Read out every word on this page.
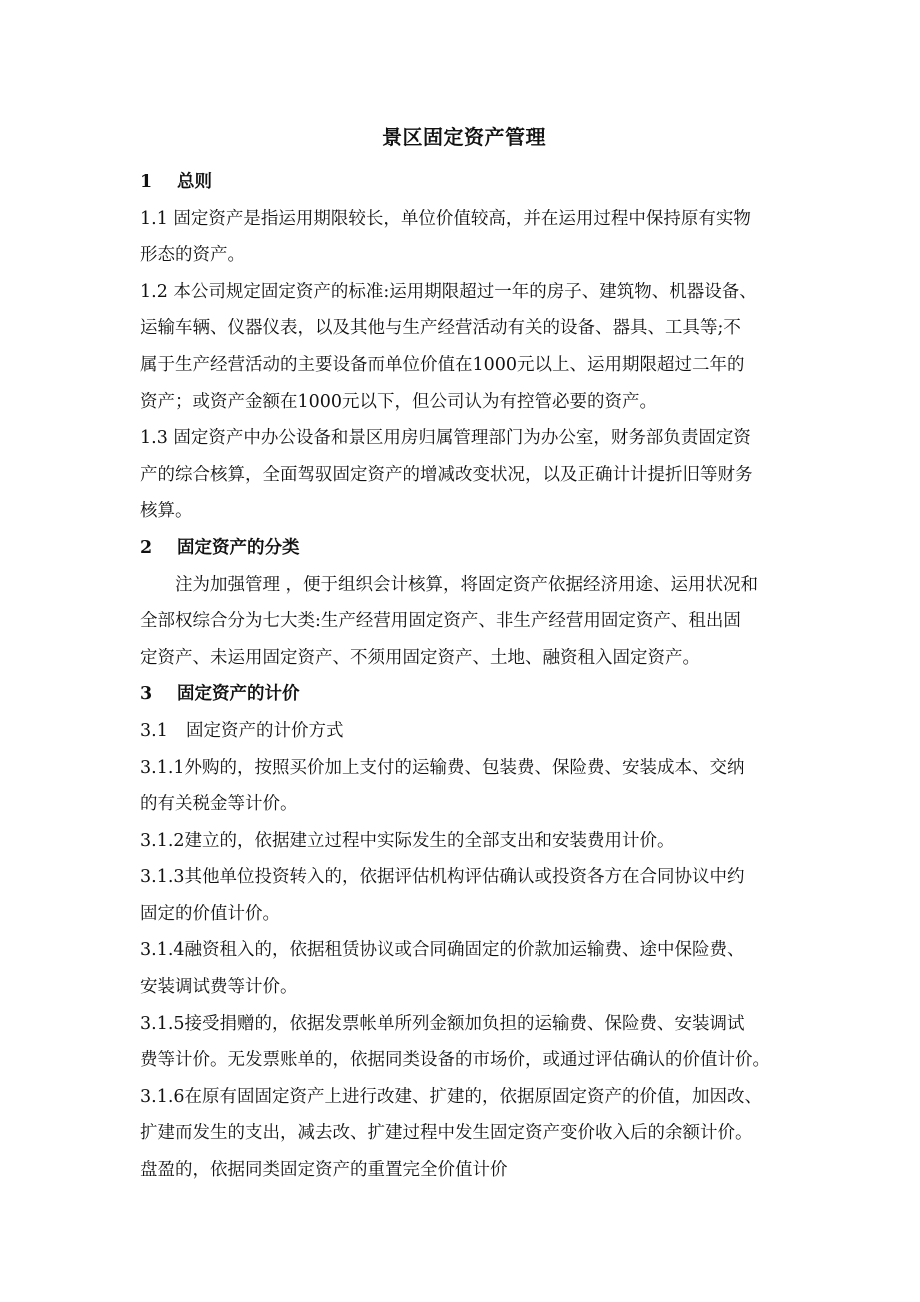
景区固定资产管理
1 总则
1.1 固定资产是指运用期限较长，单位价值较高，并在运用过程中保持原有实物
形态的资产。
1.2 本公司规定固定资产的标准:运用期限超过一年的房子、建筑物、机器设备、
运输车辆、仪器仪表，以及其他与生产经营活动有关的设备、器具、工具等;不
属于生产经营活动的主要设备而单位价值在1000元以上、运用期限超过二年的
资产；或资产金额在1000元以下，但公司认为有控管必要的资产。
1.3 固定资产中办公设备和景区用房归属管理部门为办公室，财务部负责固定资
产的综合核算，全面驾驭固定资产的增减改变状况，以及正确计计提折旧等财务
核算。
2 固定资产的分类
注为加强管理 ，便于组织会计核算，将固定资产依据经济用途、运用状况和
全部权综合分为七大类:生产经营用固定资产、非生产经营用固定资产、租出固
定资产、未运用固定资产、不须用固定资产、土地、融资租入固定资产。
3 固定资产的计价
3.1 固定资产的计价方式
3.1.1外购的，按照买价加上支付的运输费、包装费、保险费、安装成本、交纳
的有关税金等计价。
3.1.2建立的，依据建立过程中实际发生的全部支出和安装费用计价。
3.1.3其他单位投资转入的，依据评估机构评估确认或投资各方在合同协议中约
固定的价值计价。
3.1.4融资租入的，依据租赁协议或合同确固定的价款加运输费、途中保险费、
安装调试费等计价。
3.1.5接受捐赠的，依据发票帐单所列金额加负担的运输费、保险费、安装调试
费等计价。无发票账单的，依据同类设备的市场价，或通过评估确认的价值计价。
3.1.6在原有固固定资产上进行改建、扩建的，依据原固定资产的价值，加因改、
扩建而发生的支出，减去改、扩建过程中发生固定资产变价收入后的余额计价。
盘盈的，依据同类固定资产的重置完全价值计价
